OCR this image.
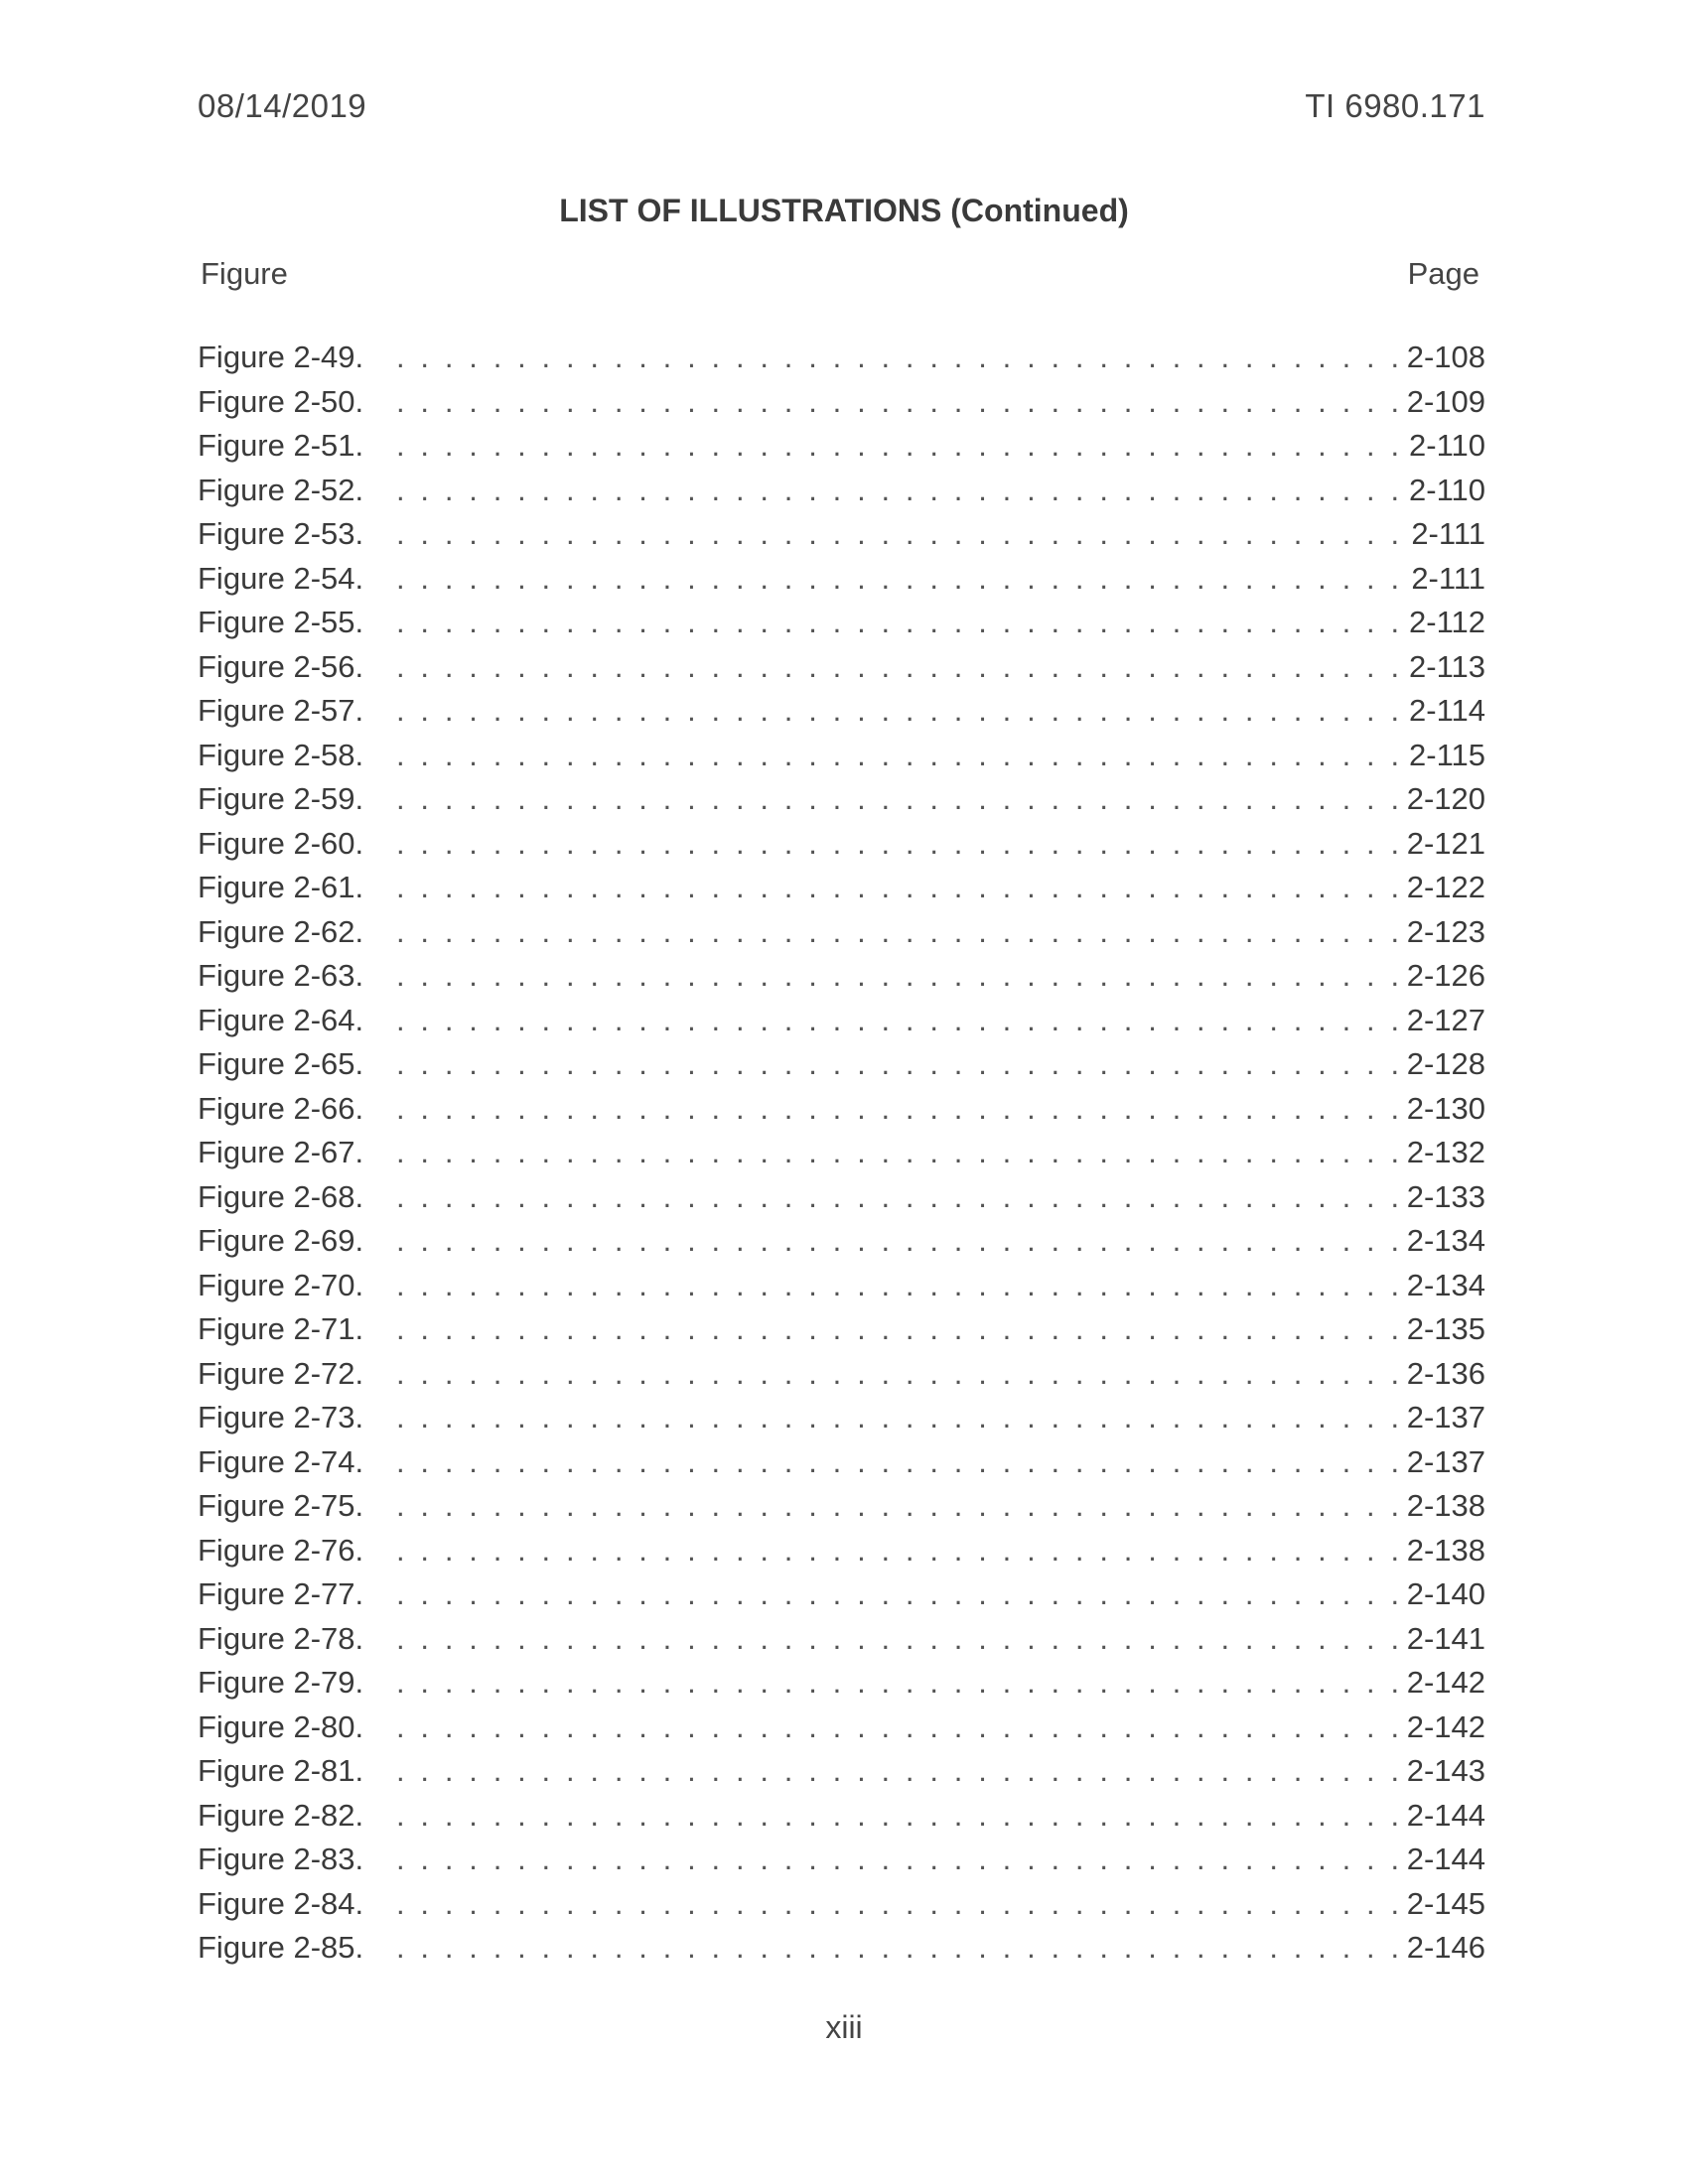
08/14/2019	TI 6980.171
LIST OF ILLUSTRATIONS (Continued)
Figure	Page
Figure 2-49. . . .	2-108
Figure 2-50. . . .	2-109
Figure 2-51. . . .	2-110
Figure 2-52. . . .	2-110
Figure 2-53. . . .	2-111
Figure 2-54. . . .	2-111
Figure 2-55. . . .	2-112
Figure 2-56. . . .	2-113
Figure 2-57. . . .	2-114
Figure 2-58. . . .	2-115
Figure 2-59. . . .	2-120
Figure 2-60. . . .	2-121
Figure 2-61. . . .	2-122
Figure 2-62. . . .	2-123
Figure 2-63. . . .	2-126
Figure 2-64. . . .	2-127
Figure 2-65. . . .	2-128
Figure 2-66. . . .	2-130
Figure 2-67. . . .	2-132
Figure 2-68. . . .	2-133
Figure 2-69. . . .	2-134
Figure 2-70. . . .	2-134
Figure 2-71. . . .	2-135
Figure 2-72. . . .	2-136
Figure 2-73. . . .	2-137
Figure 2-74. . . .	2-137
Figure 2-75. . . .	2-138
Figure 2-76. . . .	2-138
Figure 2-77. . . .	2-140
Figure 2-78. . . .	2-141
Figure 2-79. . . .	2-142
Figure 2-80. . . .	2-142
Figure 2-81. . . .	2-143
Figure 2-82. . . .	2-144
Figure 2-83. . . .	2-144
Figure 2-84. . . .	2-145
Figure 2-85. . . .	2-146
xiii
